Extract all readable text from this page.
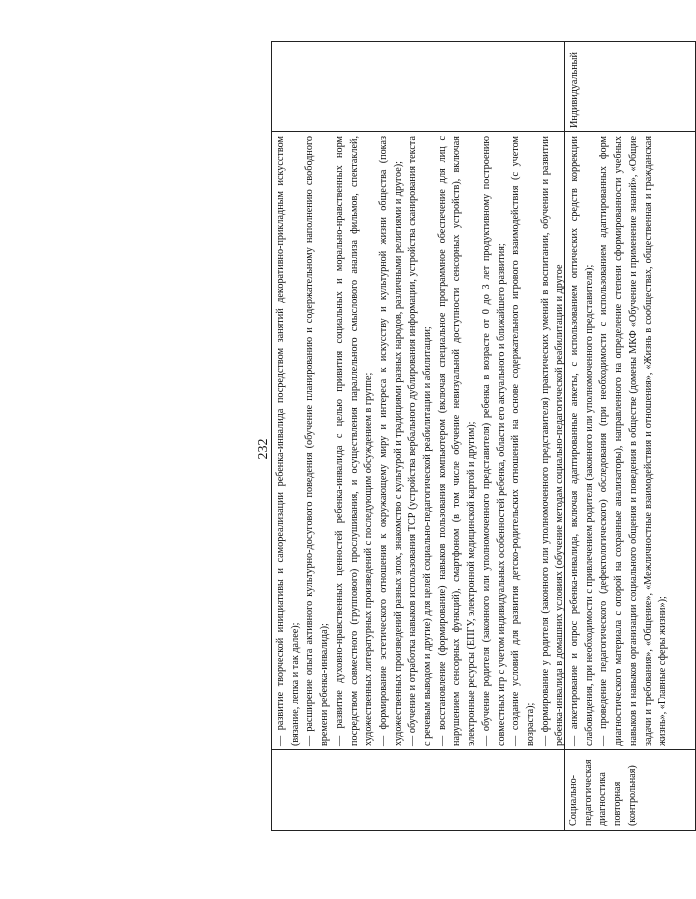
232

Социально-педагогическая диагностика повторная (контрольная)

— развитие творческой инициативы и самореализации ребенка-инвалида посредством занятий декоративно-прикладным искусством (вязание, лепка и так далее); — расширение опыта активного культурно-досугового поведения (обучение планированию и содержательному наполнению свободного времени ребенка-инвалида); — развитие духовно-нравственных ценностей ребенка-инвалида с целью привития социальных и морально-нравственных норм посредством совместного (группового) прослушивания, и осуществления параллельного смыслового анализа фильмов, спектаклей, художественных литературных произведений с последующим обсуждением в группе; — формирование эстетического отношения к окружающему миру и интереса к искусству и культурной жизни общества (показ художественных произведений разных эпох, знакомство с культурой и традициями разных народов, различными религиями и другое); — обучение и отработка навыков использования ТСР (устройства вербального дублирования информации, устройства сканирования текста с речевым выводом и другие) для целей социально-педагогической реабилитации и абилитации; — восстановление (формирование) навыков пользования компьютером (включая специальное программное обеспечение для лиц с нарушением сенсорных функций), смартфоном (в том числе обучение невизуальной доступности сенсорных устройств), включая электронные ресурсы (ЕПГУ, электронной медицинской картой и другим); — обучение родителя (законного или уполномоченного представителя) ребенка в возрасте от 0 до 3 лет продуктивному построению совместных игр с учетом индивидуальных особенностей ребенка, области его актуального и ближайшего развития; — создание условий для развития детско-родительских отношений на основе содержательного игрового взаимодействия (с учетом возраста); — формирование у родителя (законного или уполномоченного представителя) практических умений в воспитании, обучении и развитии ребенка-инвалида в домашних условиях (обучение методам социально-педагогической реабилитации и другое — анкетирование и опрос ребенка-инвалида, включая адаптированные анкеты, с использованием оптических средств коррекции слабовидения, при необходимости с привлечением родителя (законного или уполномоченного представителя); — проведение педагогического (дефектологического) обследования (при необходимости с использованием адаптированных форм диагностического материала с опорой на сохранные анализаторы), направленного на определение степени сформированности учебных навыков и навыков организации социального общения и поведения в обществе (домены МКФ «Обучение и применение знаний», «Общие задачи и требования», «Общение», «Межличностные взаимодействия и отношения», «Жизнь в сообществах, общественная и гражданская жизнь», «Главные сферы жизни»);

Индивидуальный
